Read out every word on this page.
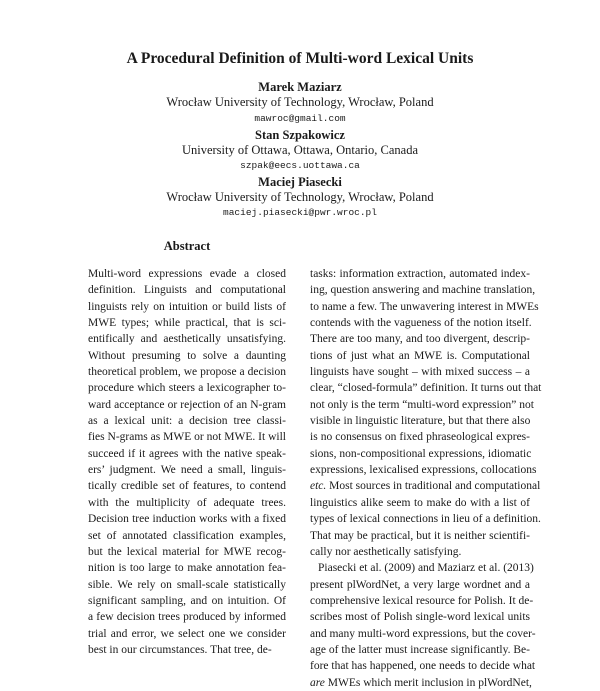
A Procedural Definition of Multi-word Lexical Units
Marek Maziarz
Wrocław University of Technology, Wrocław, Poland
mawroc@gmail.com
Stan Szpakowicz
University of Ottawa, Ottawa, Ontario, Canada
szpak@eecs.uottawa.ca
Maciej Piasecki
Wrocław University of Technology, Wrocław, Poland
maciej.piasecki@pwr.wroc.pl
Abstract
Multi-word expressions evade a closed
definition. Linguists and computational
linguists rely on intuition or build lists of
MWE types; while practical, that is sci-
entifically and aesthetically unsatisfying.
Without presuming to solve a daunting
theoretical problem, we propose a decision
procedure which steers a lexicographer to-
ward acceptance or rejection of an N-gram
as a lexical unit: a decision tree classi-
fies N-grams as MWE or not MWE. It will
succeed if it agrees with the native speak-
ers’ judgment. We need a small, linguis-
tically credible set of features, to contend
with the multiplicity of adequate trees.
Decision tree induction works with a fixed
set of annotated classification examples,
but the lexical material for MWE recog-
nition is too large to make annotation fea-
sible. We rely on small-scale statistically
significant sampling, and on intuition. Of
a few decision trees produced by informed
trial and error, we select one we consider
best in our circumstances. That tree, de-
tasks: information extraction, automated index-
ing, question answering and machine translation,
to name a few. The unwavering interest in MWEs
contends with the vagueness of the notion itself.
There are too many, and too divergent, descrip-
tions of just what an MWE is. Computational
linguists have sought – with mixed success – a
clear, “closed-formula” definition. It turns out that
not only is the term “multi-word expression” not
visible in linguistic literature, but that there also
is no consensus on fixed phraseological expres-
sions, non-compositional expressions, idiomatic
expressions, lexicalised expressions, collocations
etc. Most sources in traditional and computational
linguistics alike seem to make do with a list of
types of lexical connections in lieu of a definition.
That may be practical, but it is neither scientifi-
cally nor aesthetically satisfying.
Piasecki et al. (2009) and Maziarz et al. (2013)
present plWordNet, a very large wordnet and a
comprehensive lexical resource for Polish. It de-
scribes most of Polish single-word lexical units
and many multi-word expressions, but the cover-
age of the latter must increase significantly. Be-
fore that has happened, one needs to decide what
are MWEs which merit inclusion in plWordNet,
